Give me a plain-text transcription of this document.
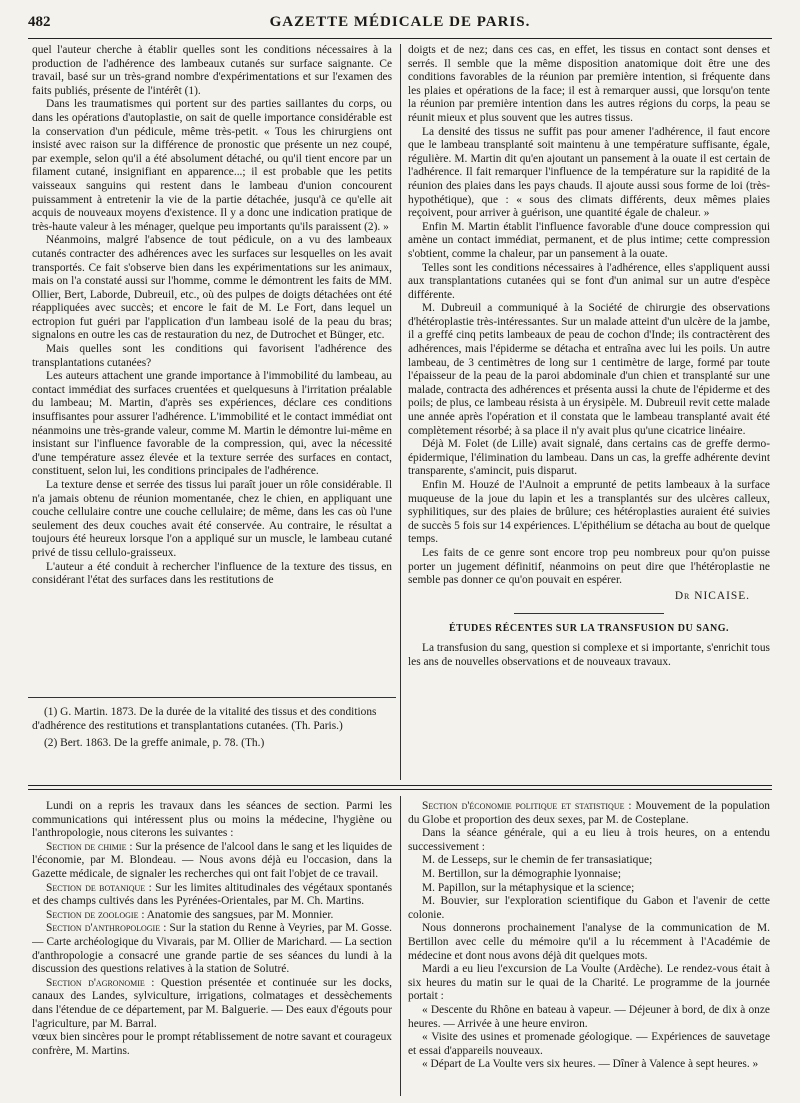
482	GAZETTE MÉDICALE DE PARIS.

quel l'auteur cherche à établir quelles sont les conditions nécessaires à la production de l'adhérence des lambeaux cutanés sur surface saignante. Ce travail, basé sur un très-grand nombre d'expérimentations et sur l'examen des faits publiés, présente de l'intérêt (1).

Dans les traumatismes qui portent sur des parties saillantes du corps, ou dans les opérations d'autoplastie, on sait de quelle importance considérable est la conservation d'un pédicule, même très-petit. « Tous les chirurgiens ont insisté avec raison sur la différence de pronostic que présente un nez coupé, par exemple, selon qu'il a été absolument détaché, ou qu'il tient encore par un filament cutané, insignifiant en apparence...; il est probable que les petits vaisseaux sanguins qui restent dans le lambeau d'union concourent puissamment à entretenir la vie de la partie détachée, jusqu'à ce qu'elle ait acquis de nouveaux moyens d'existence. Il y a donc une indication pratique de très-haute valeur à les ménager, quelque peu importants qu'ils paraissent (2). »

Néanmoins, malgré l'absence de tout pédicule, on a vu des lambeaux cutanés contracter des adhérences avec les surfaces sur lesquelles on les avait transportés. Ce fait s'observe bien dans les expérimentations sur les animaux, mais on l'a constaté aussi sur l'homme, comme le démontrent les faits de MM. Ollier, Bert, Laborde, Dubreuil, etc., où des pulpes de doigts détachées ont été réappliquées avec succès; et encore le fait de M. Le Fort, dans lequel un ectropion fut guéri par l'application d'un lambeau isolé de la peau du bras; signalons en outre les cas de restauration du nez, de Dutrochet et Bünger, etc.

Mais quelles sont les conditions qui favorisent l'adhérence des transplantations cutanées?

Les auteurs attachent une grande importance à l'immobilité du lambeau, au contact immédiat des surfaces cruentées et quelquesuns à l'irritation préalable du lambeau; M. Martin, d'après ses expériences, déclare ces conditions insuffisantes pour assurer l'adhérence. L'immobilité et le contact immédiat ont néanmoins une très-grande valeur, comme M. Martin le démontre lui-même en insistant sur l'influence favorable de la compression, qui, avec la nécessité d'une température assez élevée et la texture serrée des surfaces en contact, constituent, selon lui, les conditions principales de l'adhérence.

La texture dense et serrée des tissus lui paraît jouer un rôle considérable. Il n'a jamais obtenu de réunion momentanée, chez le chien, en appliquant une couche cellulaire contre une couche cellulaire; de même, dans les cas où l'une seulement des deux couches avait été conservée. Au contraire, le résultat a toujours été heureux lorsque l'on a appliqué sur un muscle, le lambeau cutané privé de tissu cellulo-graisseux.

L'auteur a été conduit à rechercher l'influence de la texture des tissus, en considérant l'état des surfaces dans les restitutions de

doigts et de nez; dans ces cas, en effet, les tissus en contact sont denses et serrés. Il semble que la même disposition anatomique doit être une des conditions favorables de la réunion par première intention, si fréquente dans les plaies et opérations de la face; il est à remarquer aussi, que lorsqu'on tente la réunion par première intention dans les autres régions du corps, la peau se réunit mieux et plus souvent que les autres tissus.

La densité des tissus ne suffit pas pour amener l'adhérence, il faut encore que le lambeau transplanté soit maintenu à une température suffisante, égale, régulière. M. Martin dit qu'en ajoutant un pansement à la ouate il est certain de l'adhérence. Il fait remarquer l'influence de la température sur la rapidité de la réunion des plaies dans les pays chauds. Il ajoute aussi sous forme de loi (très-hypothétique), que : « sous des climats différents, deux mêmes plaies reçoivent, pour arriver à guérison, une quantité égale de chaleur. »

Enfin M. Martin établit l'influence favorable d'une douce compression qui amène un contact immédiat, permanent, et de plus intime; cette compression s'obtient, comme la chaleur, par un pansement à la ouate.

Telles sont les conditions nécessaires à l'adhérence, elles s'appliquent aussi aux transplantations cutanées qui se font d'un animal sur un autre d'espèce différente.

M. Dubreuil a communiqué à la Société de chirurgie des observations d'hétéroplastie très-intéressantes. Sur un malade atteint d'un ulcère de la jambe, il a greffé cinq petits lambeaux de peau de cochon d'Inde; ils contractèrent des adhérences, mais l'épiderme se détacha et entraîna avec lui les poils. Un autre lambeau, de 3 centimètres de long sur 1 centimètre de large, formé par toute l'épaisseur de la peau de la paroi abdominale d'un chien et transplanté sur une malade, contracta des adhérences et présenta aussi la chute de l'épiderme et des poils; de plus, ce lambeau résista à un érysipèle. M. Dubreuil revit cette malade une année après l'opération et il constata que le lambeau transplanté avait été complètement résorbé; à sa place il n'y avait plus qu'une cicatrice linéaire.

Déjà M. Folet (de Lille) avait signalé, dans certains cas de greffe dermo-épidermique, l'élimination du lambeau. Dans un cas, la greffe adhérente devint transparente, s'amincit, puis disparut.

Enfin M. Houzé de l'Aulnoit a emprunté de petits lambeaux à la surface muqueuse de la joue du lapin et les a transplantés sur des ulcères calleux, syphilitiques, sur des plaies de brûlure; ces hétéroplasties auraient été suivies de succès 5 fois sur 14 expériences. L'épithélium se détacha au bout de quelque temps.

Les faits de ce genre sont encore trop peu nombreux pour qu'on puisse porter un jugement définitif, néanmoins on peut dire que l'hétéroplastie ne semble pas donner ce qu'on pouvait en espérer.

Dr NICAISE.
ÉTUDES RÉCENTES SUR LA TRANSFUSION DU SANG.

La transfusion du sang, question si complexe et si importante, s'enrichit tous les ans de nouvelles observations et de nouveaux travaux.

(1) G. Martin. 1873. De la durée de la vitalité des tissus et des conditions d'adhérence des restitutions et transplantations cutanées. (Th. Paris.)

(2) Bert. 1863. De la greffe animale, p. 78. (Th.)

Lundi on a repris les travaux dans les séances de section. Parmi les communications qui intéressent plus ou moins la médecine, l'hygiène ou l'anthropologie, nous citerons les suivantes :

Section de chimie : Sur la présence de l'alcool dans le sang et les liquides de l'économie, par M. Blondeau. — Nous avons déjà eu l'occasion, dans la Gazette médicale, de signaler les recherches qui ont fait l'objet de ce travail.

Section de botanique : Sur les limites altitudinales des végétaux spontanés et des champs cultivés dans les Pyrénées-Orientales, par M. Ch. Martins.

Section de zoologie : Anatomie des sangsues, par M. Monnier.

Section d'anthropologie : Sur la station du Renne à Veyries, par M. Gosse. — Carte archéologique du Vivarais, par M. Ollier de Marichard. — La section d'anthropologie a consacré une grande partie de ses séances du lundi à la discussion des questions relatives à la station de Solutré.

Section d'agronomie : Question présentée et continuée sur les docks, canaux des Landes, sylviculture, irrigations, colmatages et dessèchements dans l'étendue de ce département, par M. Balguerie. — Des eaux d'égouts pour l'agriculture, par M. Barral.

vœux bien sincères pour le prompt rétablissement de notre savant et courageux confrère, M. Martins.

Section d'économie politique et statistique : Mouvement de la population du Globe et proportion des deux sexes, par M. de Costeplane.

Dans la séance générale, qui a eu lieu à trois heures, on a entendu successivement :

M. de Lesseps, sur le chemin de fer transasiatique;

M. Bertillon, sur la démographie lyonnaise;

M. Papillon, sur la métaphysique et la science;

M. Bouvier, sur l'exploration scientifique du Gabon et l'avenir de cette colonie.

Nous donnerons prochainement l'analyse de la communication de M. Bertillon avec celle du mémoire qu'il a lu récemment à l'Académie de médecine et dont nous avons déjà dit quelques mots.

Mardi a eu lieu l'excursion de La Voulte (Ardèche). Le rendez-vous était à six heures du matin sur le quai de la Charité. Le programme de la journée portait :

« Descente du Rhône en bateau à vapeur. — Déjeuner à bord, de dix à onze heures. — Arrivée à une heure environ.

« Visite des usines et promenade géologique. — Expériences de sauvetage et essai d'appareils nouveaux.

« Départ de La Voulte vers six heures. — Dîner à Valence à sept heures. »
